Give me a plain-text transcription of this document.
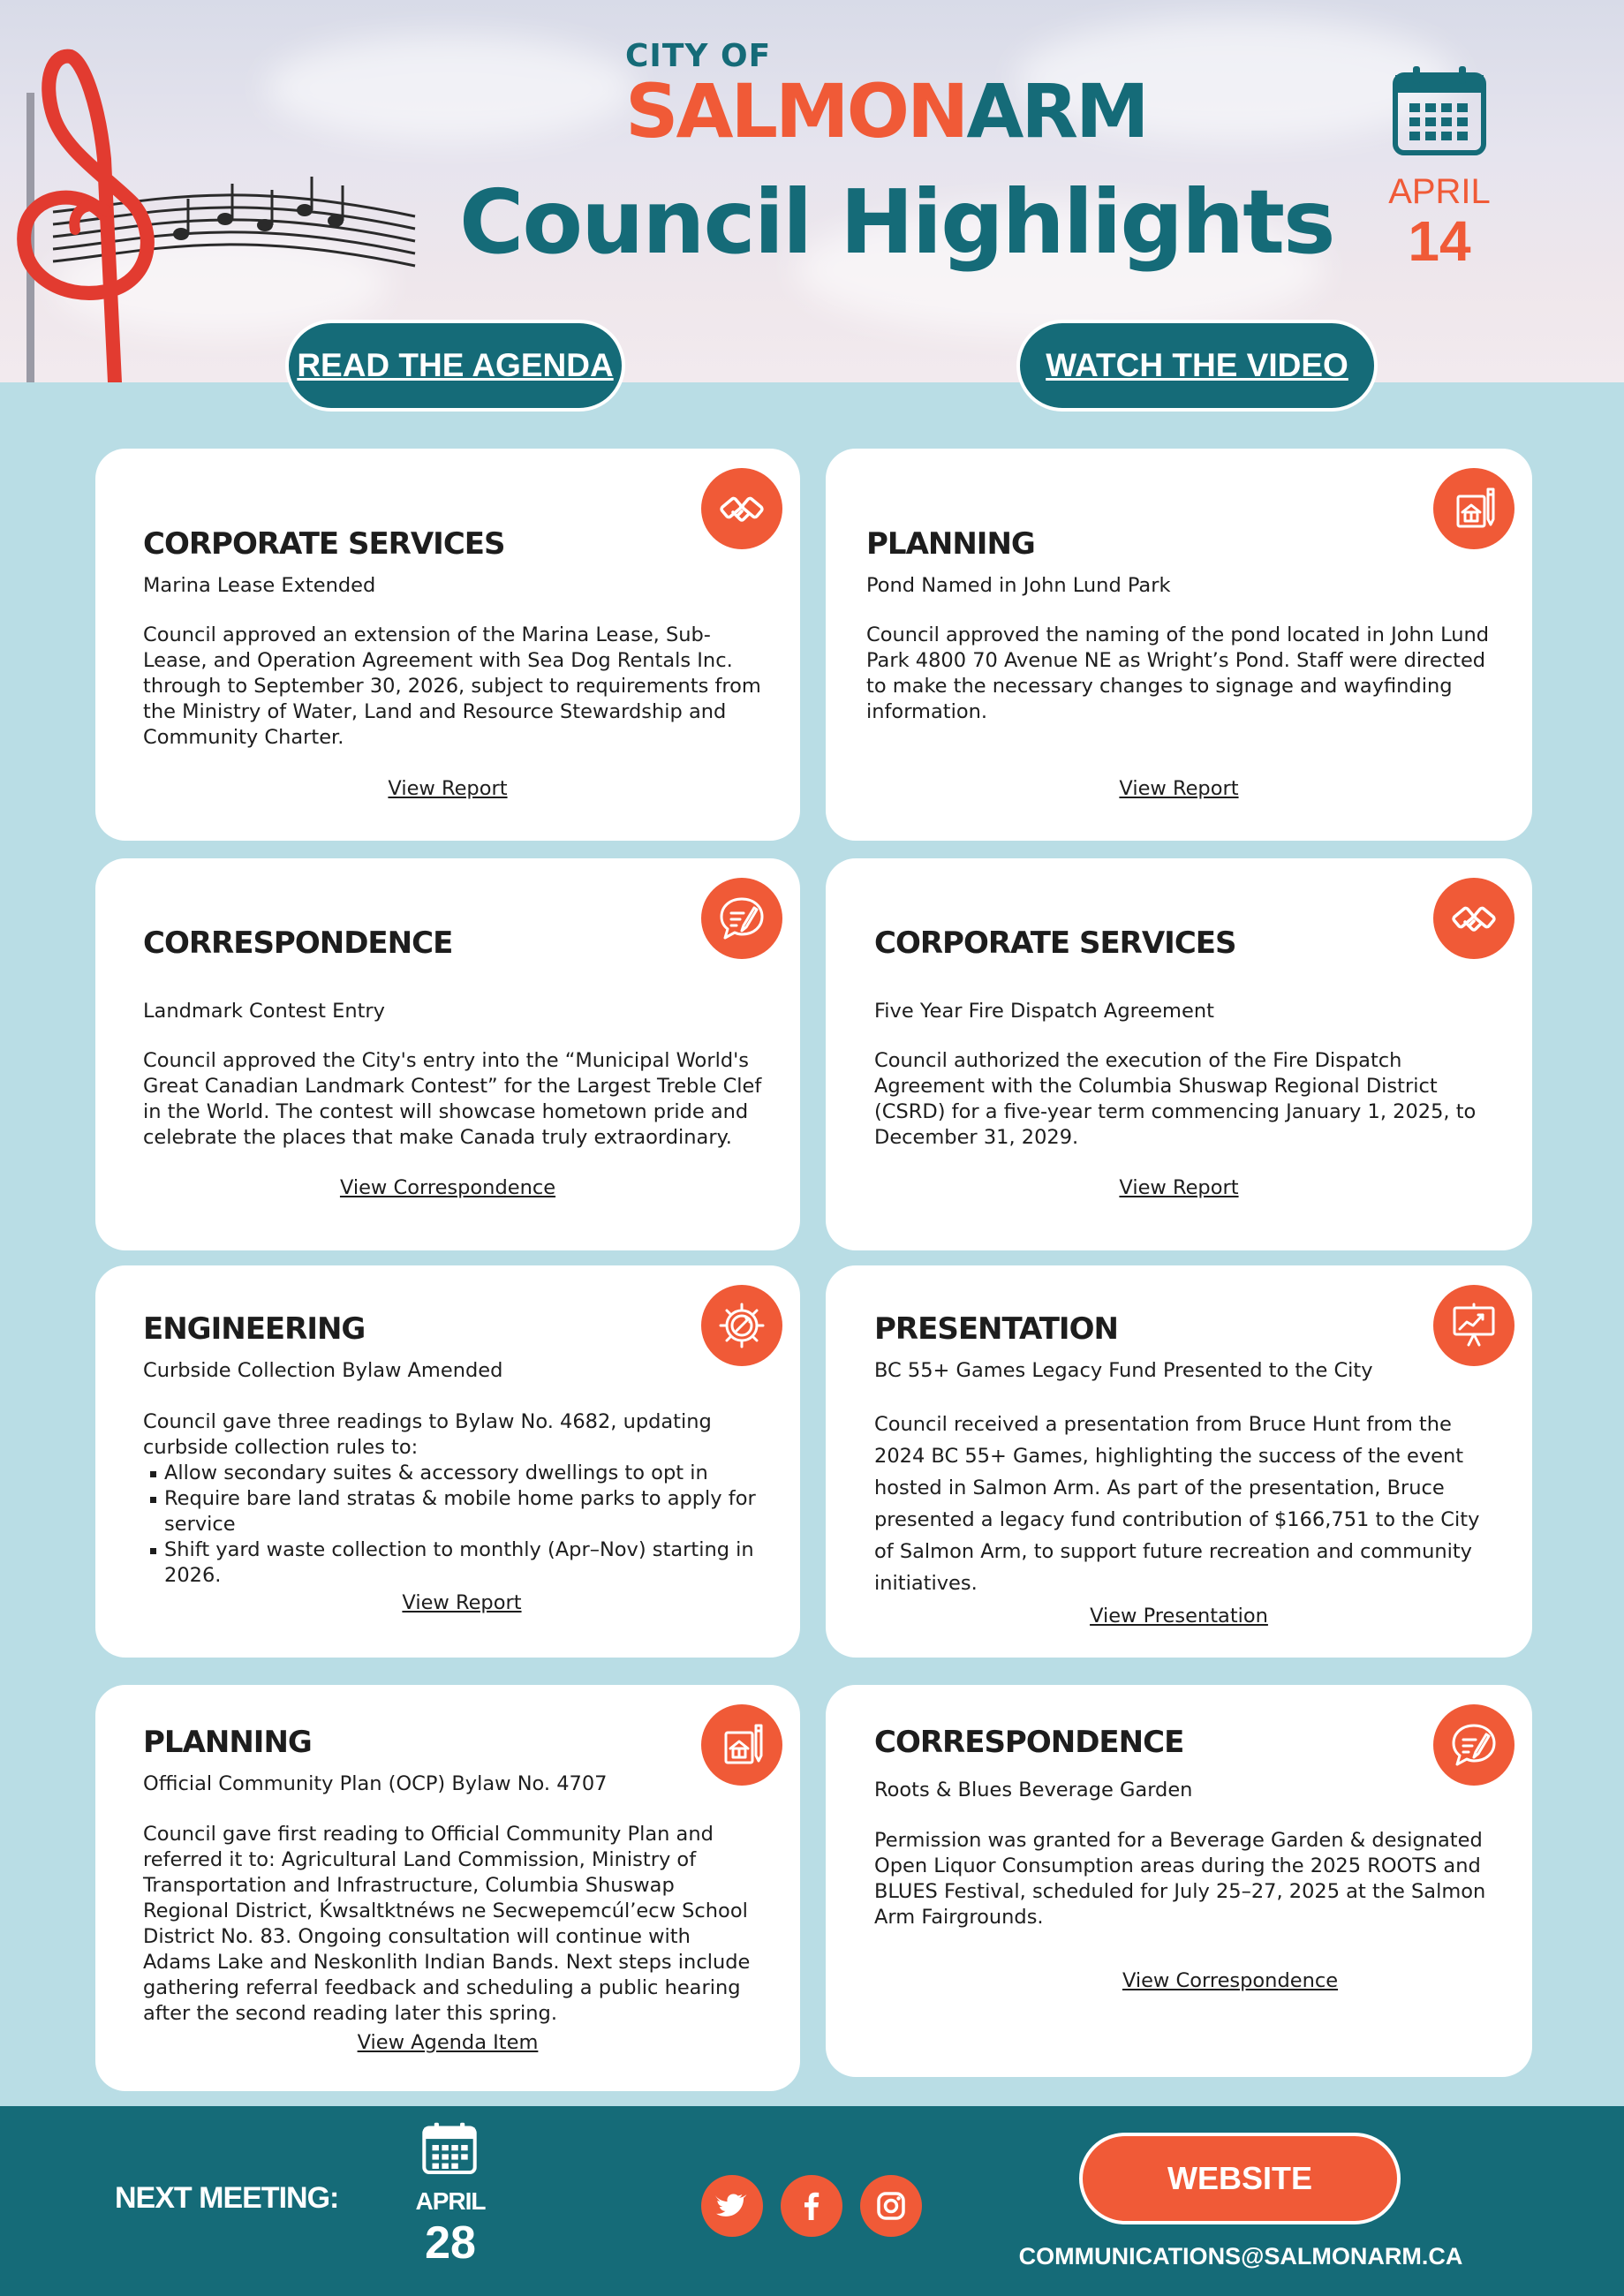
CITY OF
SALMONARM
Council Highlights	APRIL
14
READ THE AGENDA	WATCH THE VIDEO
CORPORATE SERVICES
Marina Lease Extended
Council approved an extension of the Marina Lease, Sub-Lease, and Operation Agreement with Sea Dog Rentals Inc. through to September 30, 2026, subject to requirements from the Ministry of Water, Land and Resource Stewardship and Community Charter.
View Report
PLANNING
Pond Named in John Lund Park
Council approved the naming of the pond located in John Lund Park 4800 70 Avenue NE as Wright’s Pond. Staff were directed to make the necessary changes to signage and wayfinding information.
View Report
CORRESPONDENCE
Landmark Contest Entry
Council approved the City's entry into the “Municipal World's Great Canadian Landmark Contest” for the Largest Treble Clef in the World. The contest will showcase hometown pride and celebrate the places that make Canada truly extraordinary.
View Correspondence
CORPORATE SERVICES
Five Year Fire Dispatch Agreement
Council authorized the execution of the Fire Dispatch Agreement with the Columbia Shuswap Regional District (CSRD) for a five-year term commencing January 1, 2025, to December 31, 2029.
View Report
ENGINEERING
Curbside Collection Bylaw Amended
Council gave three readings to Bylaw No. 4682, updating curbside collection rules to:
Allow secondary suites & accessory dwellings to opt in
Require bare land stratas & mobile home parks to apply for service
Shift yard waste collection to monthly (Apr–Nov) starting in 2026.
View Report
PRESENTATION
BC 55+ Games Legacy Fund Presented to the City
Council received a presentation from Bruce Hunt from the 2024 BC 55+ Games, highlighting the success of the event hosted in Salmon Arm. As part of the presentation, Bruce presented a legacy fund contribution of $166,751 to the City of Salmon Arm, to support future recreation and community initiatives.
View Presentation
PLANNING
Official Community Plan (OCP) Bylaw No. 4707
Council gave first reading to Official Community Plan and referred it to: Agricultural Land Commission, Ministry of Transportation and Infrastructure, Columbia Shuswap Regional District, Ḱwsaltktnéws ne Secwepemcúl’ecw School District No. 83. Ongoing consultation will continue with Adams Lake and Neskonlith Indian Bands. Next steps include gathering referral feedback and scheduling a public hearing after the second reading later this spring.
View Agenda Item
CORRESPONDENCE
Roots & Blues Beverage Garden
Permission was granted for a Beverage Garden & designated Open Liquor Consumption areas during the 2025 ROOTS and BLUES Festival, scheduled for July 25–27, 2025 at the Salmon Arm Fairgrounds.
View Correspondence
NEXT MEETING:	APRIL
28
WEBSITE
COMMUNICATIONS@SALMONARM.CA
